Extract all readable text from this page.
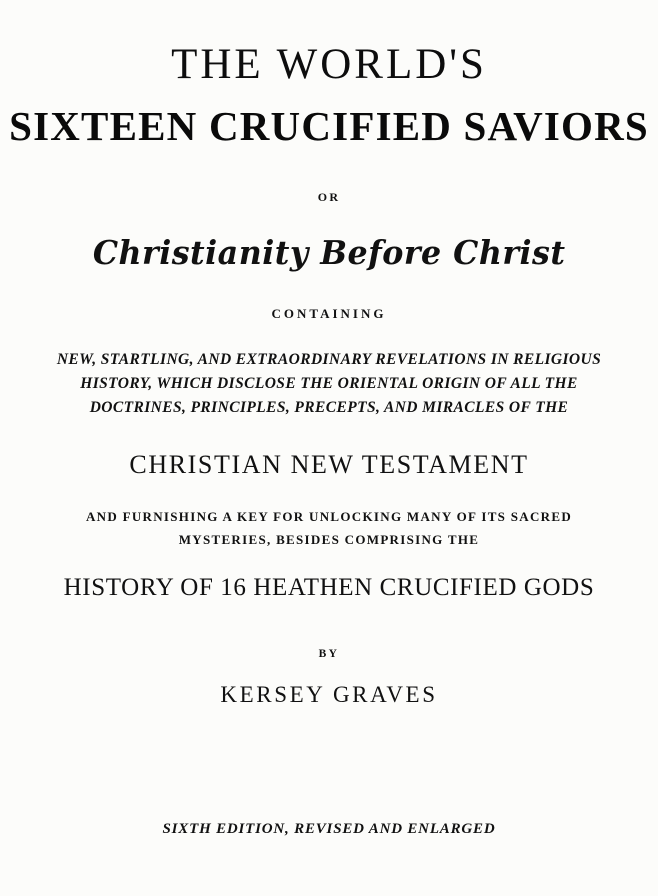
THE WORLD'S
SIXTEEN CRUCIFIED SAVIORS
OR
Christianity Before Christ
CONTAINING
NEW, STARTLING, AND EXTRAORDINARY REVELATIONS IN RELIGIOUS HISTORY, WHICH DISCLOSE THE ORIENTAL ORIGIN OF ALL THE DOCTRINES, PRINCIPLES, PRECEPTS, AND MIRACLES OF THE
CHRISTIAN NEW TESTAMENT
AND FURNISHING A KEY FOR UNLOCKING MANY OF ITS SACRED MYSTERIES, BESIDES COMPRISING THE
HISTORY OF 16 HEATHEN CRUCIFIED GODS
BY
KERSEY GRAVES
SIXTH EDITION, REVISED AND ENLARGED
